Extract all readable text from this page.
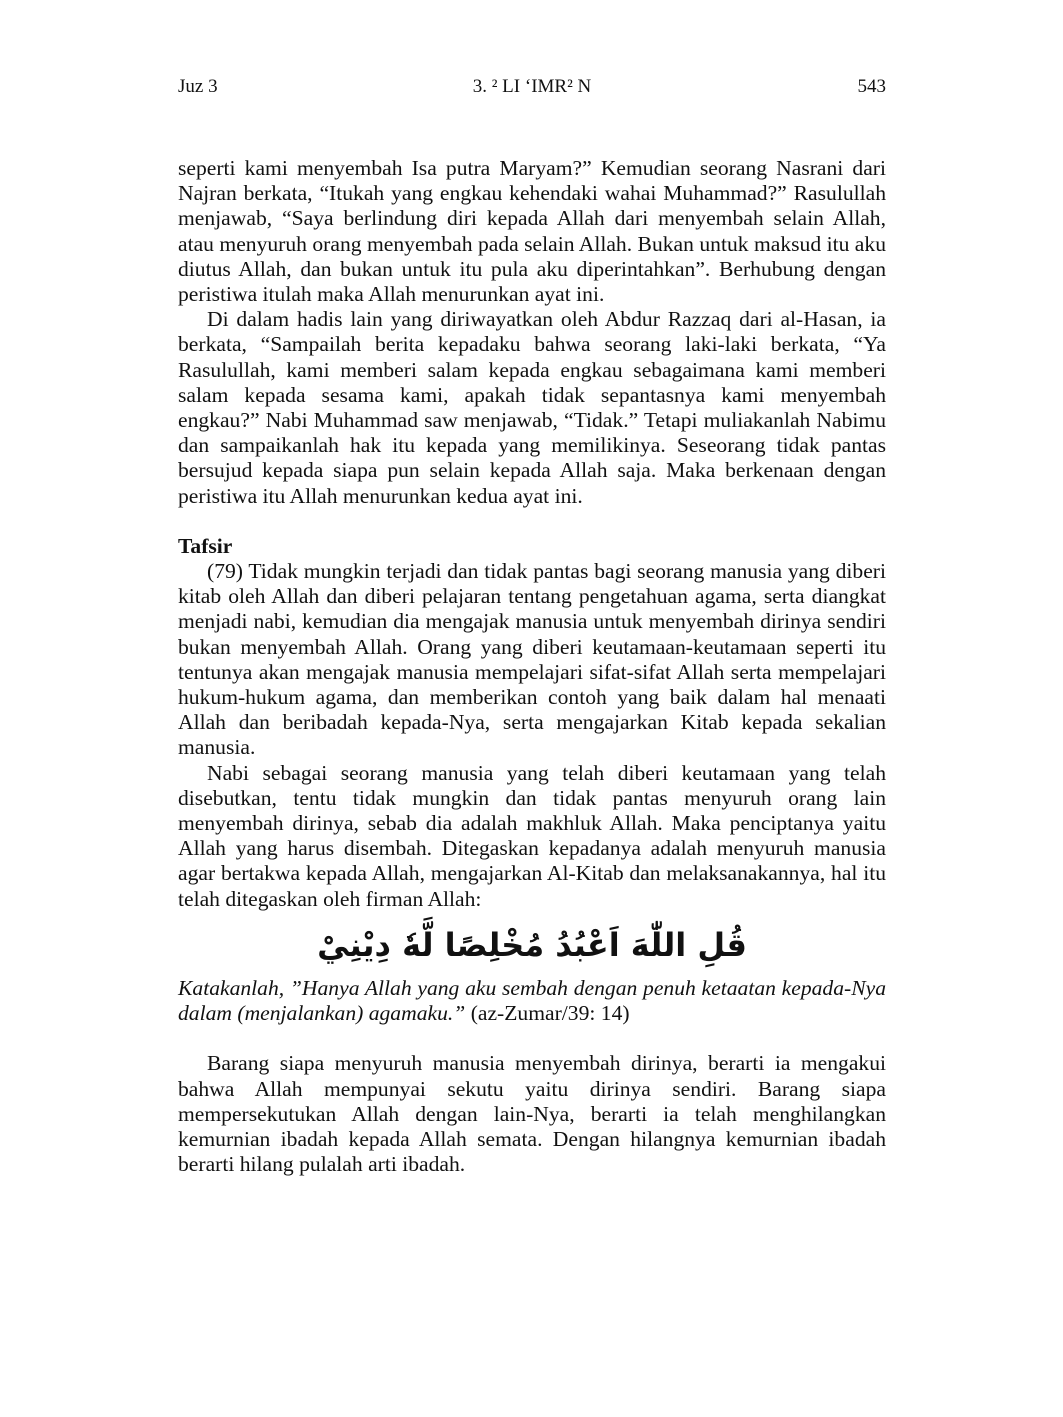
Juz 3	3. ² LI ‘IMR² N	543

seperti kami menyembah Isa putra Maryam?” Kemudian seorang Nasrani dari Najran berkata, “Itukah yang engkau kehendaki wahai Muhammad?” Rasulullah menjawab, “Saya berlindung diri kepada Allah dari menyembah selain Allah, atau menyuruh orang menyembah pada selain Allah. Bukan untuk maksud itu aku diutus Allah, dan bukan untuk itu pula aku diperintahkan”. Berhubung dengan peristiwa itulah maka Allah menurunkan ayat ini.

Di dalam hadis lain yang diriwayatkan oleh Abdur Razzaq dari al-Hasan, ia berkata, “Sampailah berita kepadaku bahwa seorang laki-laki berkata, “Ya Rasulullah, kami memberi salam kepada engkau sebagaimana kami memberi salam kepada sesama kami, apakah tidak sepantasnya kami menyembah engkau?” Nabi Muhammad saw menjawab, “Tidak.” Tetapi muliakanlah Nabimu dan sampaikanlah hak itu kepada yang memilikinya. Seseorang tidak pantas bersujud kepada siapa pun selain kepada Allah saja. Maka berkenaan dengan peristiwa itu Allah menurunkan kedua ayat ini.

Tafsir

(79) Tidak mungkin terjadi dan tidak pantas bagi seorang manusia yang diberi kitab oleh Allah dan diberi pelajaran tentang pengetahuan agama, serta diangkat menjadi nabi, kemudian dia mengajak manusia untuk menyembah dirinya sendiri bukan menyembah Allah. Orang yang diberi keutamaan-keutamaan seperti itu tentunya akan mengajak manusia mempelajari sifat-sifat Allah serta mempelajari hukum-hukum agama, dan memberikan contoh yang baik dalam hal menaati Allah dan beribadah kepada-Nya, serta mengajarkan Kitab kepada sekalian manusia.

Nabi sebagai seorang manusia yang telah diberi keutamaan yang telah disebutkan, tentu tidak mungkin dan tidak pantas menyuruh orang lain menyembah dirinya, sebab dia adalah makhluk Allah. Maka penciptanya yaitu Allah yang harus disembah. Ditegaskan kepadanya adalah menyuruh manusia agar bertakwa kepada Allah, mengajarkan Al-Kitab dan melaksanakannya, hal itu telah ditegaskan oleh firman Allah:

قُلِ اللّٰهَ اَعْبُدُ مُخْلِصًا لَّهٗ دِيْنِيْ

Katakanlah, ”Hanya Allah yang aku sembah dengan penuh ketaatan kepada-Nya dalam (menjalankan) agamaku.” (az-Zumar/39: 14)

Barang siapa menyuruh manusia menyembah dirinya, berarti ia mengakui bahwa Allah mempunyai sekutu yaitu dirinya sendiri. Barang siapa mempersekutukan Allah dengan lain-Nya, berarti ia telah menghilangkan kemurnian ibadah kepada Allah semata. Dengan hilangnya kemurnian ibadah berarti hilang pulalah arti ibadah.
